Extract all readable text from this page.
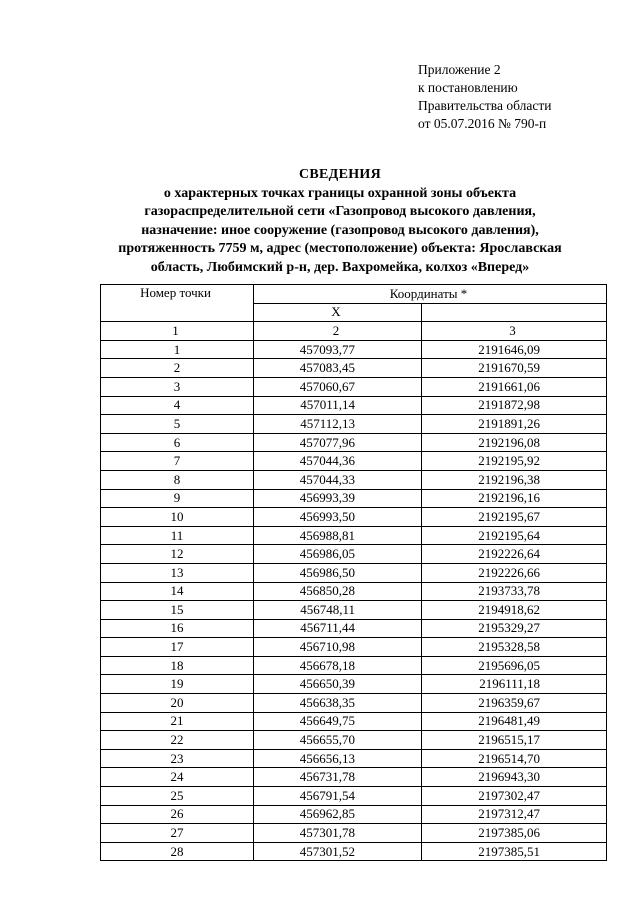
Приложение 2
к постановлению
Правительства области
от 05.07.2016 № 790-п
СВЕДЕНИЯ
о характерных точках границы охранной зоны объекта
газораспределительной сети «Газопровод высокого давления,
назначение: иное сооружение (газопровод высокого давления),
протяженность 7759 м, адрес (местоположение) объекта: Ярославская
область, Любимский р-н, дер. Вахромейка, колхоз «Вперед»
Номер точки	Координаты *	
	X	
1	2	3
1	457093,77	2191646,09
2	457083,45	2191670,59
3	457060,67	2191661,06
4	457011,14	2191872,98
5	457112,13	2191891,26
6	457077,96	2192196,08
7	457044,36	2192195,92
8	457044,33	2192196,38
9	456993,39	2192196,16
10	456993,50	2192195,67
11	456988,81	2192195,64
12	456986,05	2192226,64
13	456986,50	2192226,66
14	456850,28	2193733,78
15	456748,11	2194918,62
16	456711,44	2195329,27
17	456710,98	2195328,58
18	456678,18	2195696,05
19	456650,39	2196111,18
20	456638,35	2196359,67
21	456649,75	2196481,49
22	456655,70	2196515,17
23	456656,13	2196514,70
24	456731,78	2196943,30
25	456791,54	2197302,47
26	456962,85	2197312,47
27	457301,78	2197385,06
28	457301,52	2197385,51
